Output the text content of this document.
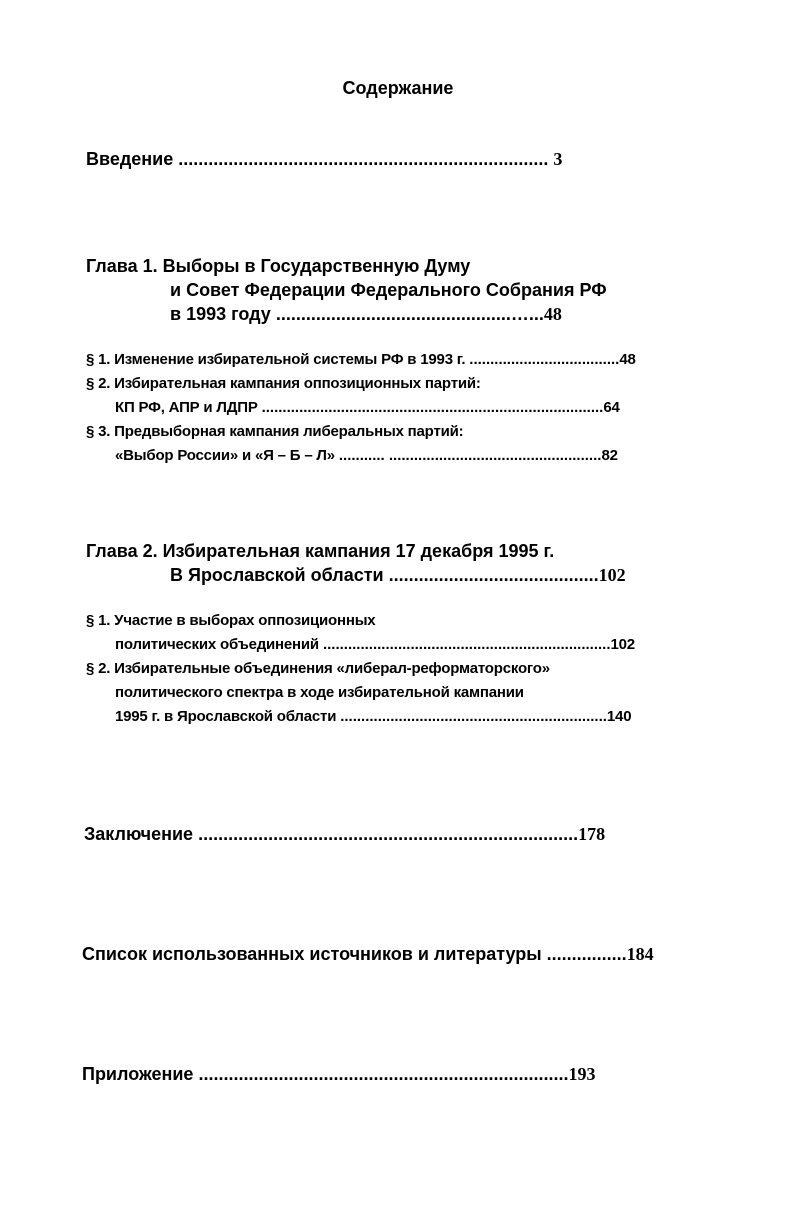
Содержание
Введение .......................................................................... 3
Глава 1. Выборы в Государственную Думу
и Совет Федерации Федерального Собрания РФ
в 1993 году ...............................................…...48
§ 1. Изменение избирательной системы РФ в 1993 г. ....................................48
§ 2. Избирательная кампания оппозиционных партий:
КП РФ, АПР и ЛДПР ..................................................................................64
§ 3. Предвыборная кампания либеральных партий:
«Выбор России» и «Я – Б – Л» ........... ...................................................82
Глава 2. Избирательная кампания 17 декабря 1995 г.
В Ярославской области ..........................................102
§ 1. Участие в выборах оппозиционных
политических объединений .....................................................................102
§ 2. Избирательные объединения «либерал-реформаторского»
политического спектра в ходе избирательной кампании
1995 г. в Ярославской области ................................................................140
Заключение ............................................................................178
Список использованных источников и литературы ................184
Приложение ..........................................................................193
